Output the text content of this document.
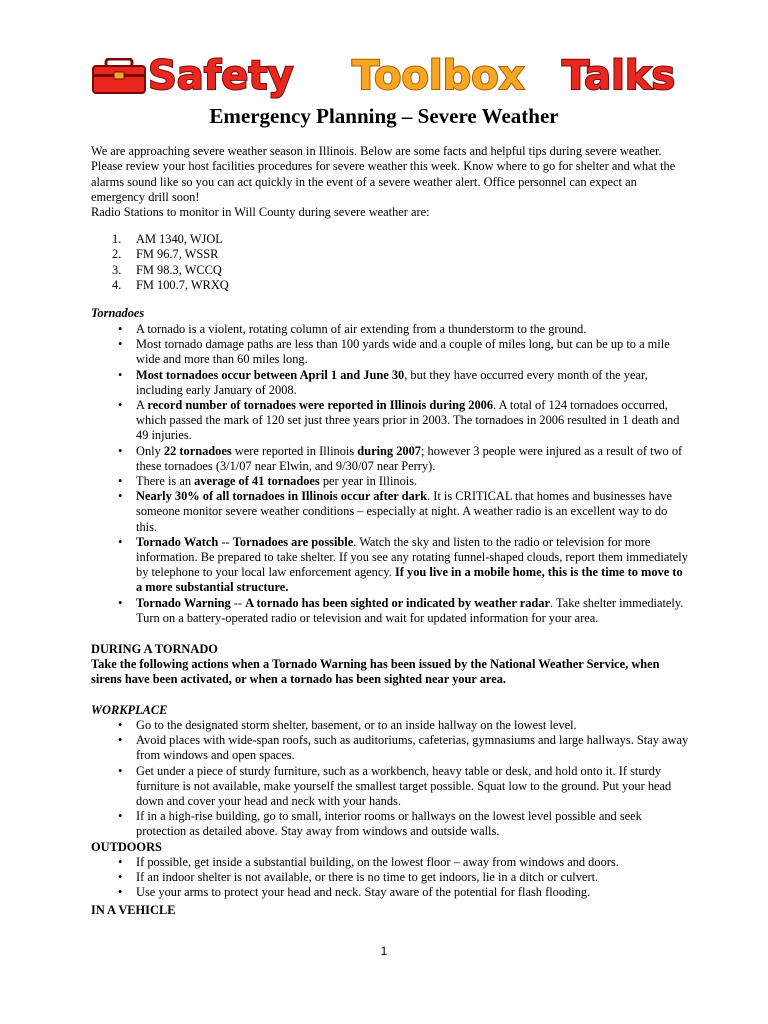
Safety Toolbox Talks
Emergency Planning – Severe Weather

We are approaching severe weather season in Illinois. Below are some facts and helpful tips during severe weather. Please review your host facilities procedures for severe weather this week. Know where to go for shelter and what the alarms sound like so you can act quickly in the event of a severe weather alert. Office personnel can expect an emergency drill soon!

Radio Stations to monitor in Will County during severe weather are:

1. AM 1340, WJOL
2. FM 96.7, WSSR
3. FM 98.3, WCCQ
4. FM 100.7, WRXQ

Tornadoes

• A tornado is a violent, rotating column of air extending from a thunderstorm to the ground.
• Most tornado damage paths are less than 100 yards wide and a couple of miles long, but can be up to a mile wide and more than 60 miles long.
• Most tornadoes occur between April 1 and June 30, but they have occurred every month of the year, including early January of 2008.
• A record number of tornadoes were reported in Illinois during 2006. A total of 124 tornadoes occurred, which passed the mark of 120 set just three years prior in 2003. The tornadoes in 2006 resulted in 1 death and 49 injuries.
• Only 22 tornadoes were reported in Illinois during 2007; however 3 people were injured as a result of two of these tornadoes (3/1/07 near Elwin, and 9/30/07 near Perry).
• There is an average of 41 tornadoes per year in Illinois.
• Nearly 30% of all tornadoes in Illinois occur after dark. It is CRITICAL that homes and businesses have someone monitor severe weather conditions – especially at night. A weather radio is an excellent way to do this.
• Tornado Watch -- Tornadoes are possible. Watch the sky and listen to the radio or television for more information. Be prepared to take shelter. If you see any rotating funnel-shaped clouds, report them immediately by telephone to your local law enforcement agency. If you live in a mobile home, this is the time to move to a more substantial structure.
• Tornado Warning -- A tornado has been sighted or indicated by weather radar. Take shelter immediately. Turn on a battery-operated radio or television and wait for updated information for your area.

DURING A TORNADO

Take the following actions when a Tornado Warning has been issued by the National Weather Service, when sirens have been activated, or when a tornado has been sighted near your area.

WORKPLACE

• Go to the designated storm shelter, basement, or to an inside hallway on the lowest level.
• Avoid places with wide-span roofs, such as auditoriums, cafeterias, gymnasiums and large hallways. Stay away from windows and open spaces.
• Get under a piece of sturdy furniture, such as a workbench, heavy table or desk, and hold onto it. If sturdy furniture is not available, make yourself the smallest target possible. Squat low to the ground. Put your head down and cover your head and neck with your hands.
• If in a high-rise building, go to small, interior rooms or hallways on the lowest level possible and seek protection as detailed above. Stay away from windows and outside walls.

OUTDOORS

• If possible, get inside a substantial building, on the lowest floor – away from windows and doors.
• If an indoor shelter is not available, or there is no time to get indoors, lie in a ditch or culvert.
• Use your arms to protect your head and neck. Stay aware of the potential for flash flooding.

IN A VEHICLE

1
